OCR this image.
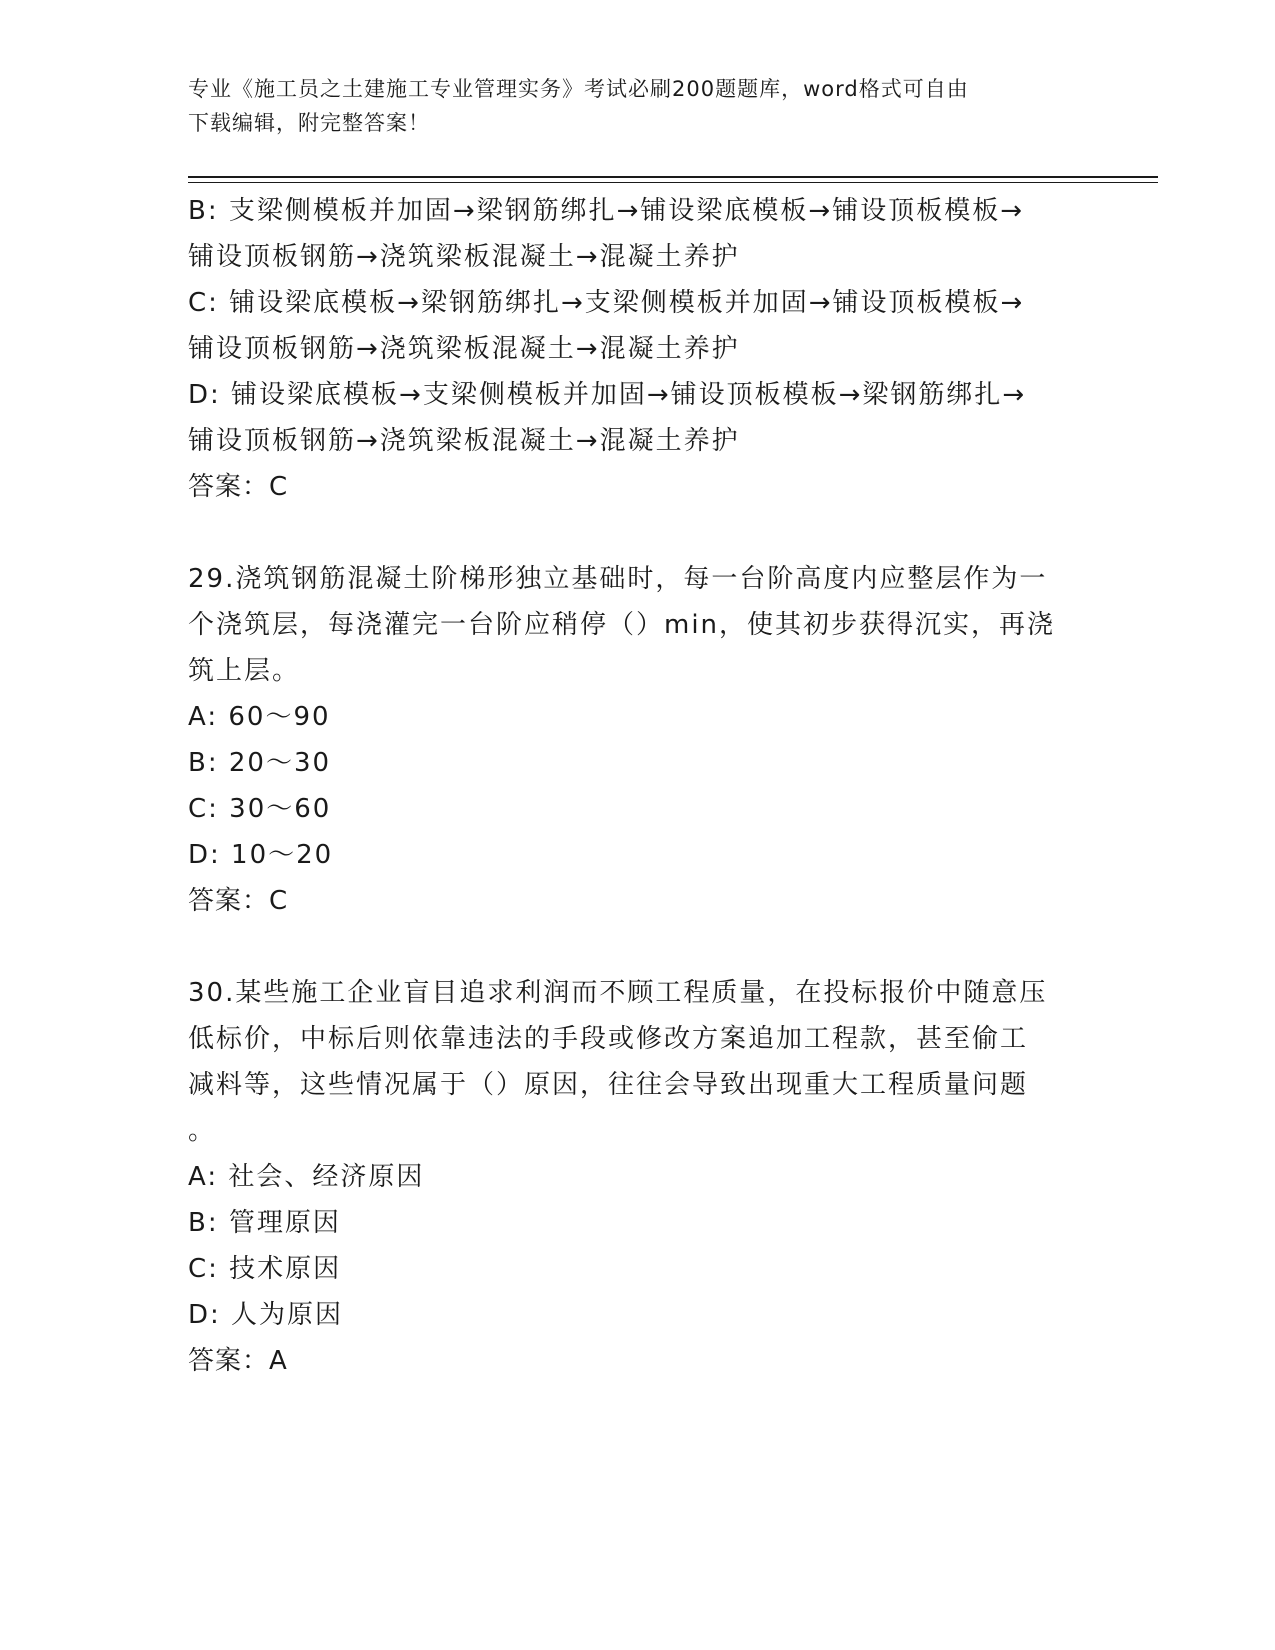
专业《施工员之土建施工专业管理实务》考试必刷200题题库，word格式可自由
下载编辑，附完整答案！
B: 支梁侧模板并加固→梁钢筋绑扎→铺设梁底模板→铺设顶板模板→
铺设顶板钢筋→浇筑梁板混凝土→混凝土养护
C: 铺设梁底模板→梁钢筋绑扎→支梁侧模板并加固→铺设顶板模板→
铺设顶板钢筋→浇筑梁板混凝土→混凝土养护
D: 铺设梁底模板→支梁侧模板并加固→铺设顶板模板→梁钢筋绑扎→
铺设顶板钢筋→浇筑梁板混凝土→混凝土养护
答案：C
29.浇筑钢筋混凝土阶梯形独立基础时，每一台阶高度内应整层作为一
个浇筑层，每浇灌完一台阶应稍停（）min，使其初步获得沉实，再浇
筑上层。
A: 60～90
B: 20～30
C: 30～60
D: 10～20
答案：C
30.某些施工企业盲目追求利润而不顾工程质量，在投标报价中随意压
低标价，中标后则依靠违法的手段或修改方案追加工程款，甚至偷工
减料等，这些情况属于（）原因，往往会导致出现重大工程质量问题
。
A: 社会、经济原因
B: 管理原因
C: 技术原因
D: 人为原因
答案：A
